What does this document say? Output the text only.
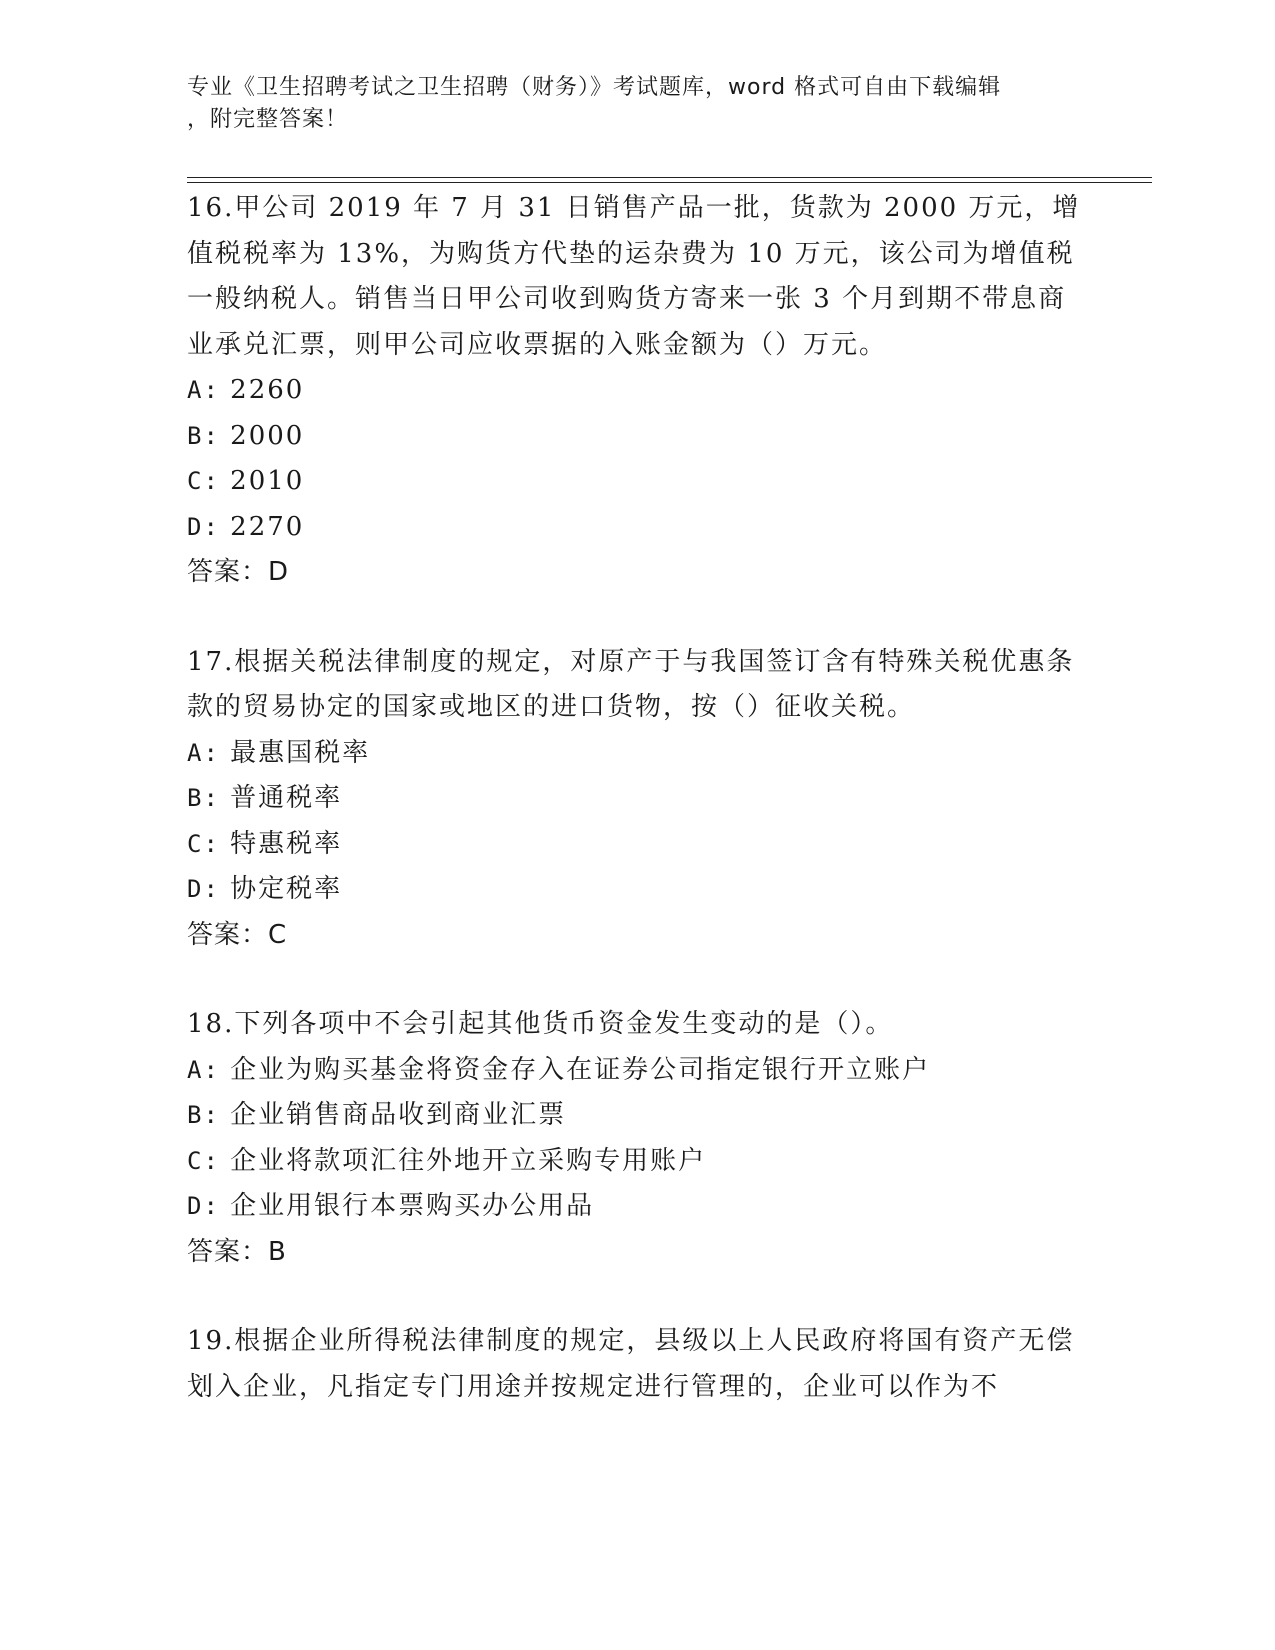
专业《卫生招聘考试之卫生招聘（财务）》考试题库，word 格式可自由下载编辑
，附完整答案！

16.甲公司 2019 年 7 月 31 日销售产品一批，货款为 2000 万元，增值税税率为 13%，为购货方代垫的运杂费为 10 万元，该公司为增值税一般纳税人。销售当日甲公司收到购货方寄来一张 3 个月到期不带息商业承兑汇票，则甲公司应收票据的入账金额为（）万元。

A: 2260

B: 2000

C: 2010

D: 2270

答案：D

17.根据关税法律制度的规定，对原产于与我国签订含有特殊关税优惠条款的贸易协定的国家或地区的进口货物，按（）征收关税。

A: 最惠国税率

B: 普通税率

C: 特惠税率

D: 协定税率

答案：C

18.下列各项中不会引起其他货币资金发生变动的是（）。

A: 企业为购买基金将资金存入在证券公司指定银行开立账户

B: 企业销售商品收到商业汇票

C: 企业将款项汇往外地开立采购专用账户

D: 企业用银行本票购买办公用品

答案：B

19.根据企业所得税法律制度的规定，县级以上人民政府将国有资产无偿划入企业，凡指定专门用途并按规定进行管理的，企业可以作为不
